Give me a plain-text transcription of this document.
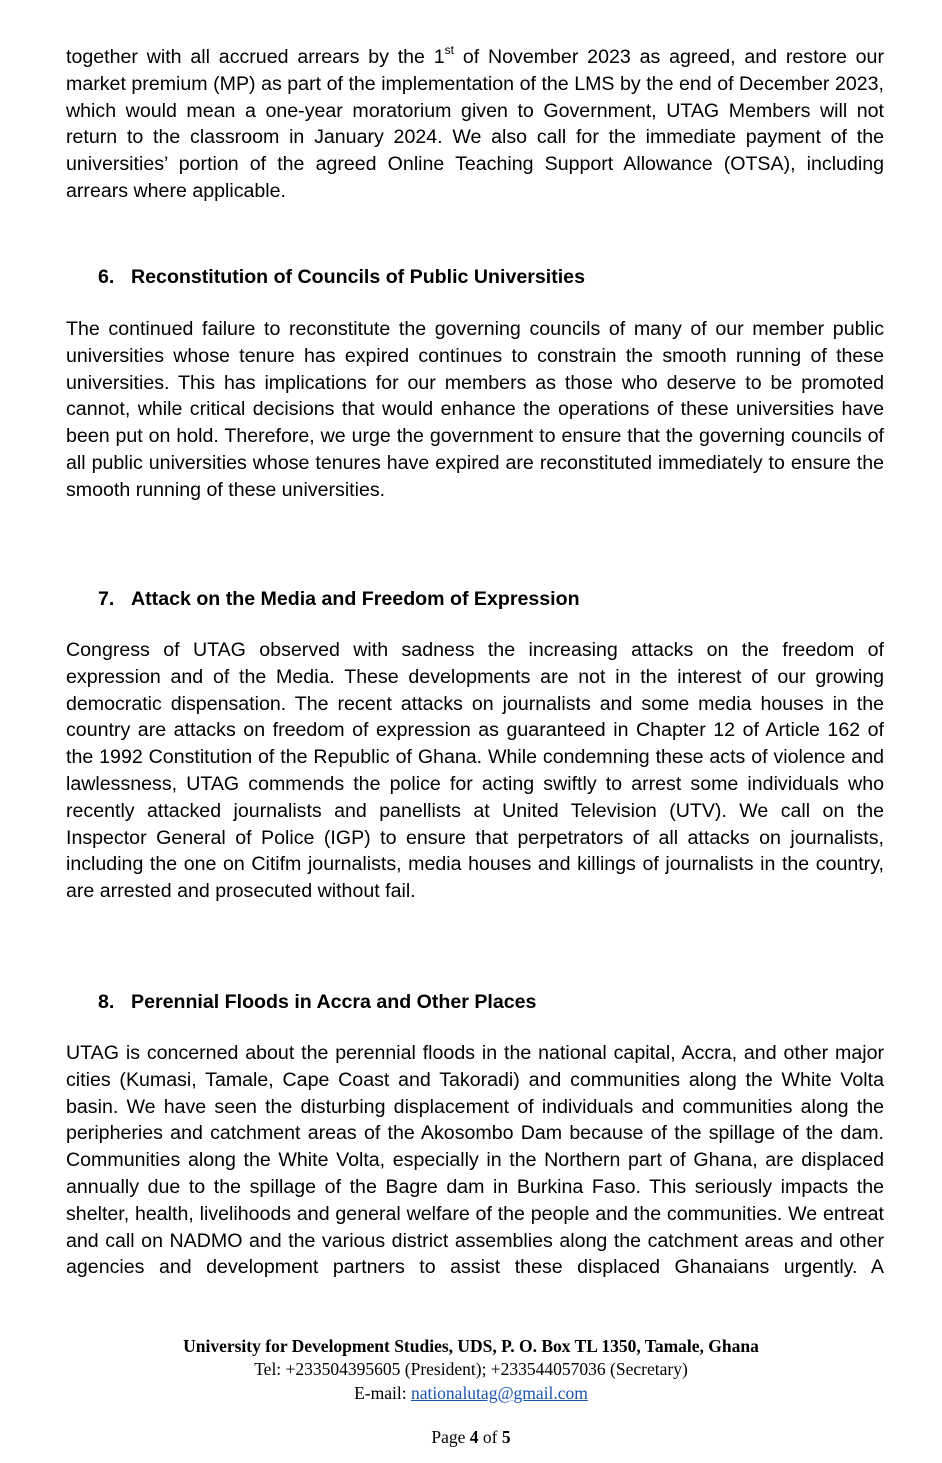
together with all accrued arrears by the 1st of November 2023 as agreed, and restore our market premium (MP) as part of the implementation of the LMS by the end of December 2023, which would mean a one-year moratorium given to Government, UTAG Members will not return to the classroom in January 2024. We also call for the immediate payment of the universities’ portion of the agreed Online Teaching Support Allowance (OTSA), including arrears where applicable.

6. Reconstitution of Councils of Public Universities

The continued failure to reconstitute the governing councils of many of our member public universities whose tenure has expired continues to constrain the smooth running of these universities. This has implications for our members as those who deserve to be promoted cannot, while critical decisions that would enhance the operations of these universities have been put on hold. Therefore, we urge the government to ensure that the governing councils of all public universities whose tenures have expired are reconstituted immediately to ensure the smooth running of these universities.

7. Attack on the Media and Freedom of Expression

Congress of UTAG observed with sadness the increasing attacks on the freedom of expression and of the Media. These developments are not in the interest of our growing democratic dispensation. The recent attacks on journalists and some media houses in the country are attacks on freedom of expression as guaranteed in Chapter 12 of Article 162 of the 1992 Constitution of the Republic of Ghana. While condemning these acts of violence and lawlessness, UTAG commends the police for acting swiftly to arrest some individuals who recently attacked journalists and panellists at United Television (UTV). We call on the Inspector General of Police (IGP) to ensure that perpetrators of all attacks on journalists, including the one on Citifm journalists, media houses and killings of journalists in the country, are arrested and prosecuted without fail.

8. Perennial Floods in Accra and Other Places

UTAG is concerned about the perennial floods in the national capital, Accra, and other major cities (Kumasi, Tamale, Cape Coast and Takoradi) and communities along the White Volta basin. We have seen the disturbing displacement of individuals and communities along the peripheries and catchment areas of the Akosombo Dam because of the spillage of the dam. Communities along the White Volta, especially in the Northern part of Ghana, are displaced annually due to the spillage of the Bagre dam in Burkina Faso. This seriously impacts the shelter, health, livelihoods and general welfare of the people and the communities. We entreat and call on NADMO and the various district assemblies along the catchment areas and other agencies and development partners to assist these displaced Ghanaians urgently. A

University for Development Studies, UDS, P. O. Box TL 1350, Tamale, Ghana
Tel: +233504395605 (President); +233544057036 (Secretary)
E-mail: nationalutag@gmail.com
Page 4 of 5
